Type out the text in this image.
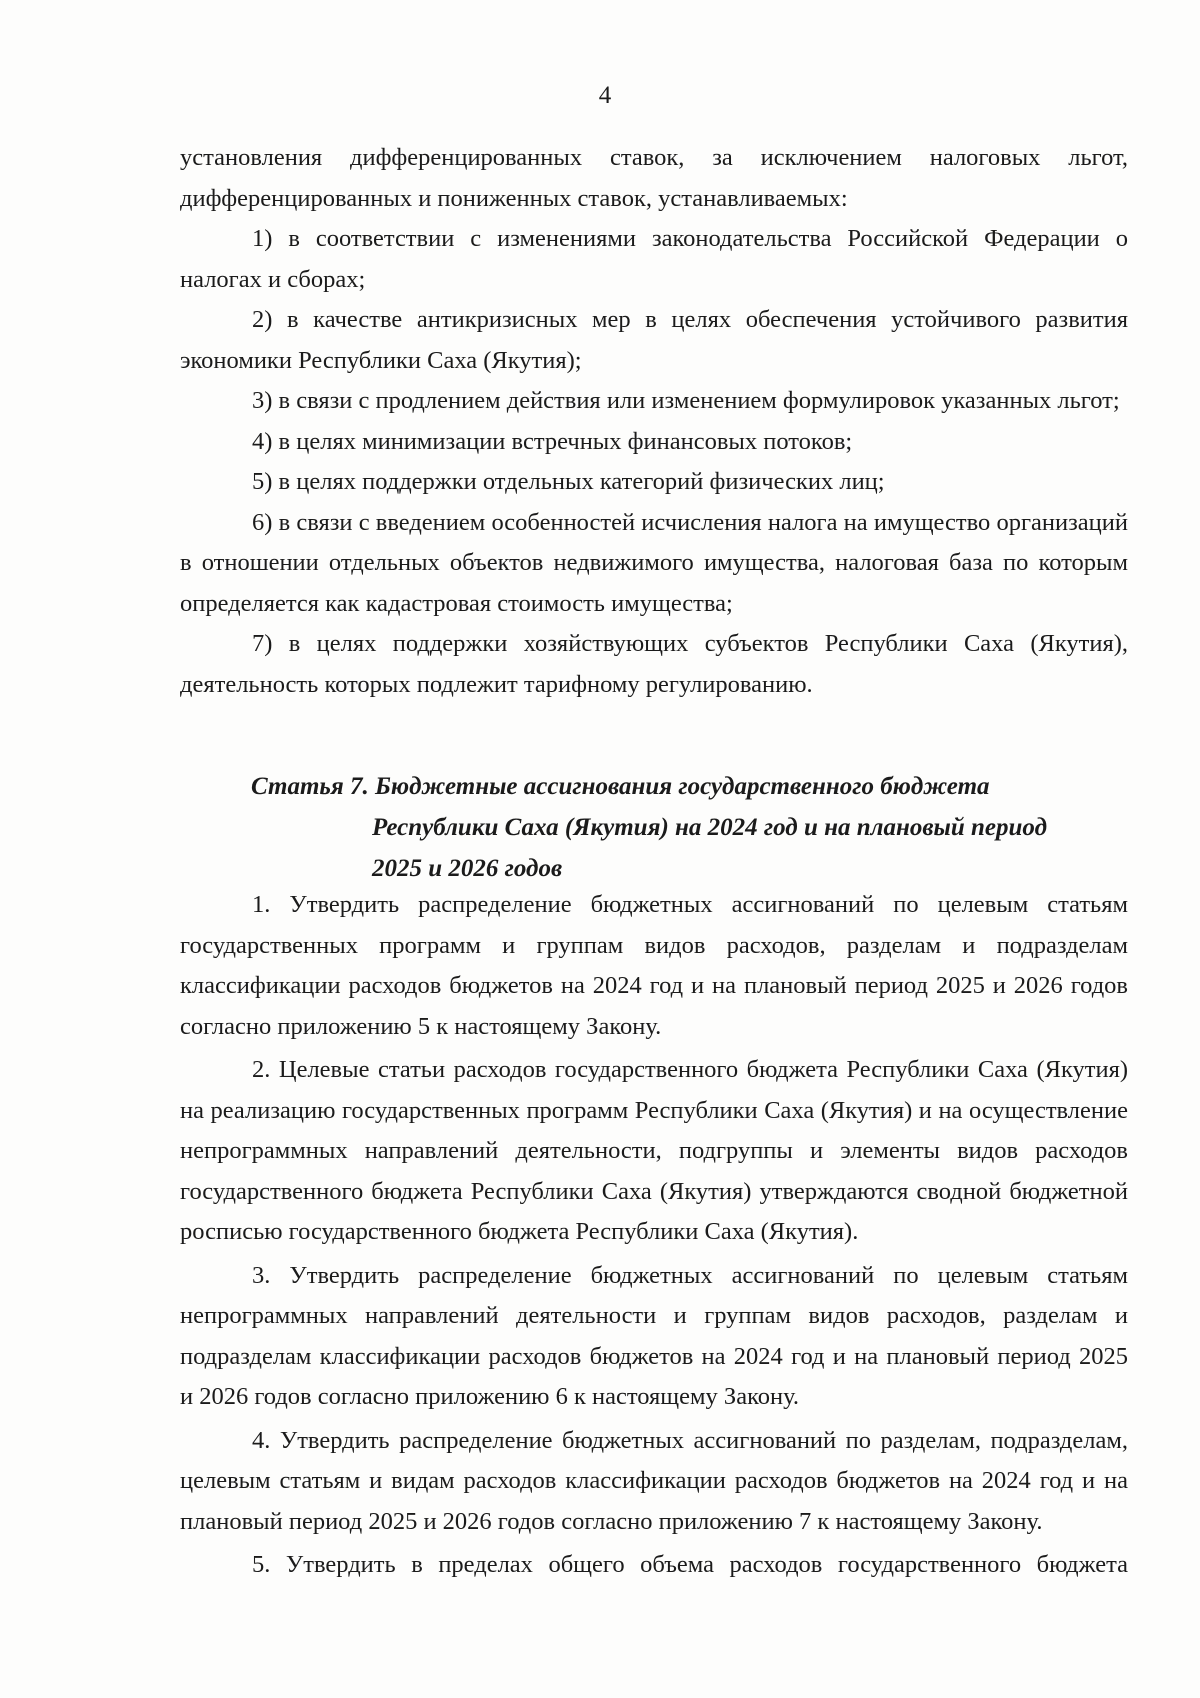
4

установления дифференцированных ставок, за исключением налоговых льгот,
дифференцированных и пониженных ставок, устанавливаемых:

1) в соответствии с изменениями законодательства Российской Федерации о
налогах и сборах;

2) в качестве антикризисных мер в целях обеспечения устойчивого развития
экономики Республики Саха (Якутия);

3) в связи с продлением действия или изменением формулировок указанных льгот;

4) в целях минимизации встречных финансовых потоков;

5) в целях поддержки отдельных категорий физических лиц;

6) в связи с введением особенностей исчисления налога на имущество организаций
в отношении отдельных объектов недвижимого имущества, налоговая база по которым
определяется как кадастровая стоимость имущества;

7) в целях поддержки хозяйствующих субъектов Республики Саха (Якутия),
деятельность которых подлежит тарифному регулированию.

Статья 7. Бюджетные ассигнования государственного бюджета
Республики Саха (Якутия) на 2024 год и на плановый период
2025 и 2026 годов

1. Утвердить распределение бюджетных ассигнований по целевым статьям
государственных программ и группам видов расходов, разделам и подразделам
классификации расходов бюджетов на 2024 год и на плановый период 2025 и 2026 годов
согласно приложению 5 к настоящему Закону.

2. Целевые статьи расходов государственного бюджета Республики Саха (Якутия)
на реализацию государственных программ Республики Саха (Якутия) и на осуществление
непрограммных направлений деятельности, подгруппы и элементы видов расходов
государственного бюджета Республики Саха (Якутия) утверждаются сводной бюджетной
росписью государственного бюджета Республики Саха (Якутия).

3. Утвердить распределение бюджетных ассигнований по целевым статьям
непрограммных направлений деятельности и группам видов расходов, разделам и
подразделам классификации расходов бюджетов на 2024 год и на плановый период 2025
и 2026 годов согласно приложению 6 к настоящему Закону.

4. Утвердить распределение бюджетных ассигнований по разделам, подразделам,
целевым статьям и видам расходов классификации расходов бюджетов на 2024 год и на
плановый период 2025 и 2026 годов согласно приложению 7 к настоящему Закону.

5. Утвердить в пределах общего объема расходов государственного бюджета
